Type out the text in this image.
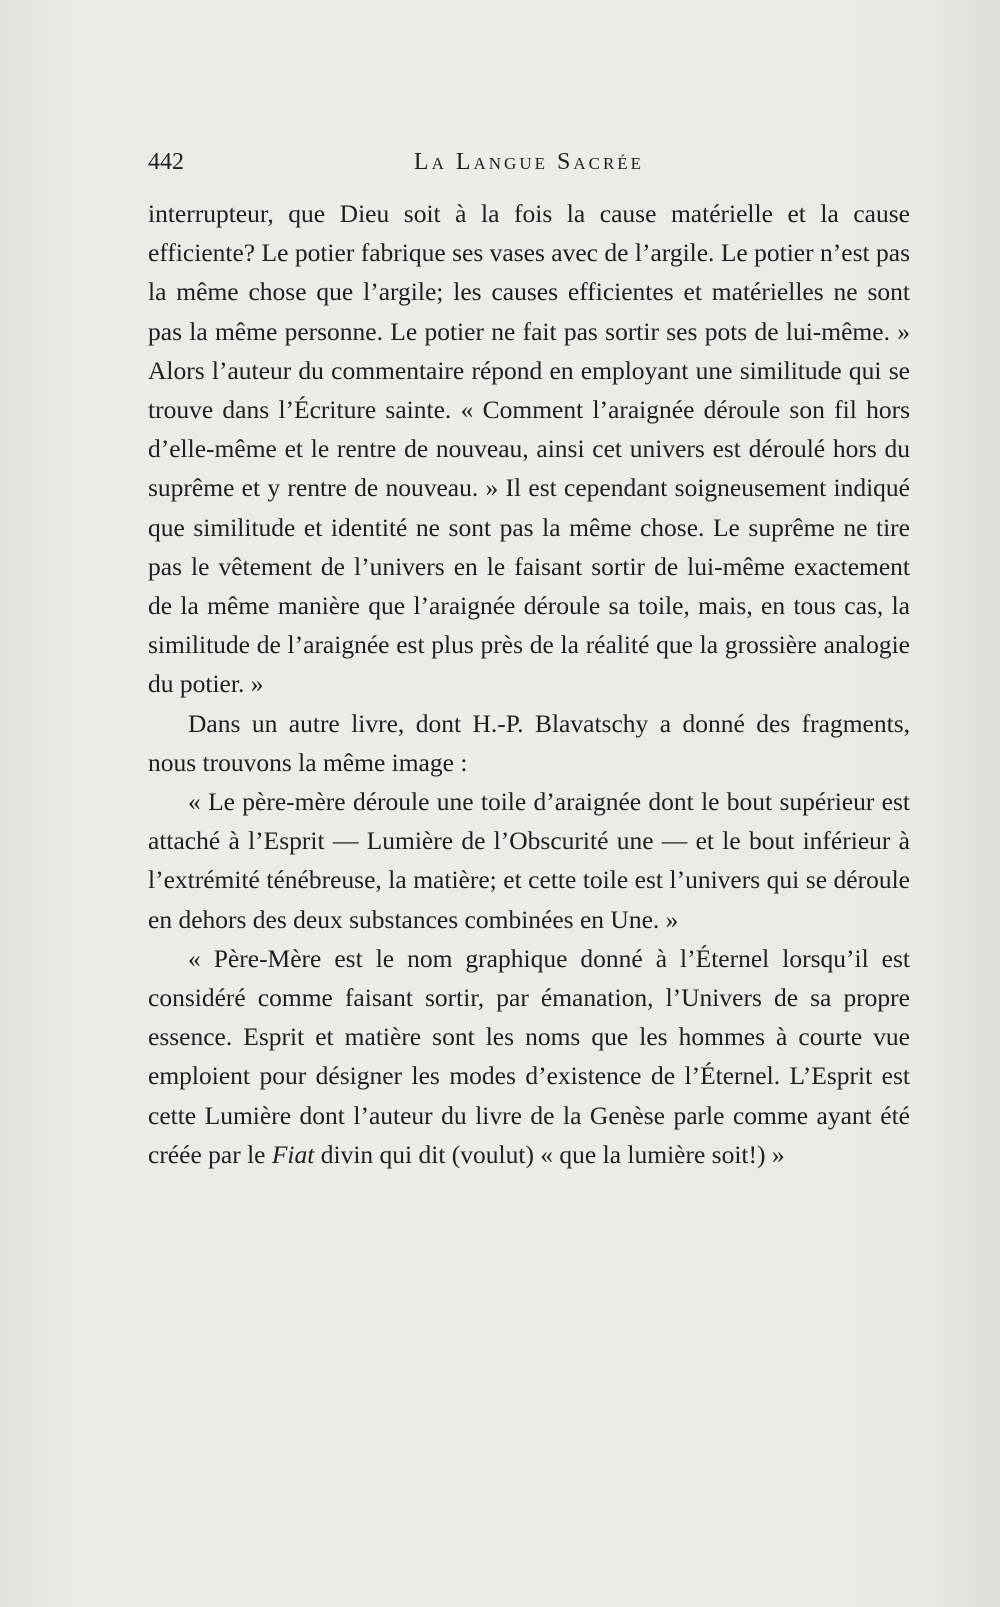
442	La Langue Sacrée

interrupteur, que Dieu soit à la fois la cause matérielle et la cause efficiente? Le potier fabrique ses vases avec de l’argile. Le potier n’est pas la même chose que l’argile; les causes efficientes et matérielles ne sont pas la même personne. Le potier ne fait pas sortir ses pots de lui-même. » Alors l’auteur du commentaire répond en employant une similitude qui se trouve dans l’Écriture sainte. « Comment l’araignée déroule son fil hors d’elle-même et le rentre de nouveau, ainsi cet univers est déroulé hors du suprême et y rentre de nouveau. » Il est cependant soigneusement indiqué que similitude et identité ne sont pas la même chose. Le suprême ne tire pas le vêtement de l’univers en le faisant sortir de lui-même exactement de la même manière que l’araignée déroule sa toile, mais, en tous cas, la similitude de l’araignée est plus près de la réalité que la grossière analogie du potier. »

Dans un autre livre, dont H.-P. Blavatschy a donné des fragments, nous trouvons la même image :

« Le père-mère déroule une toile d’araignée dont le bout supérieur est attaché à l’Esprit — Lumière de l’Obscurité une — et le bout inférieur à l’extrémité ténébreuse, la matière; et cette toile est l’univers qui se déroule en dehors des deux substances combinées en Une. »

« Père-Mère est le nom graphique donné à l’Éternel lorsqu’il est considéré comme faisant sortir, par émanation, l’Univers de sa propre essence. Esprit et matière sont les noms que les hommes à courte vue emploient pour désigner les modes d’existence de l’Éternel. L’Esprit est cette Lumière dont l’auteur du livre de la Genèse parle comme ayant été créée par le Fiat divin qui dit (voulut) « que la lumière soit!) »
